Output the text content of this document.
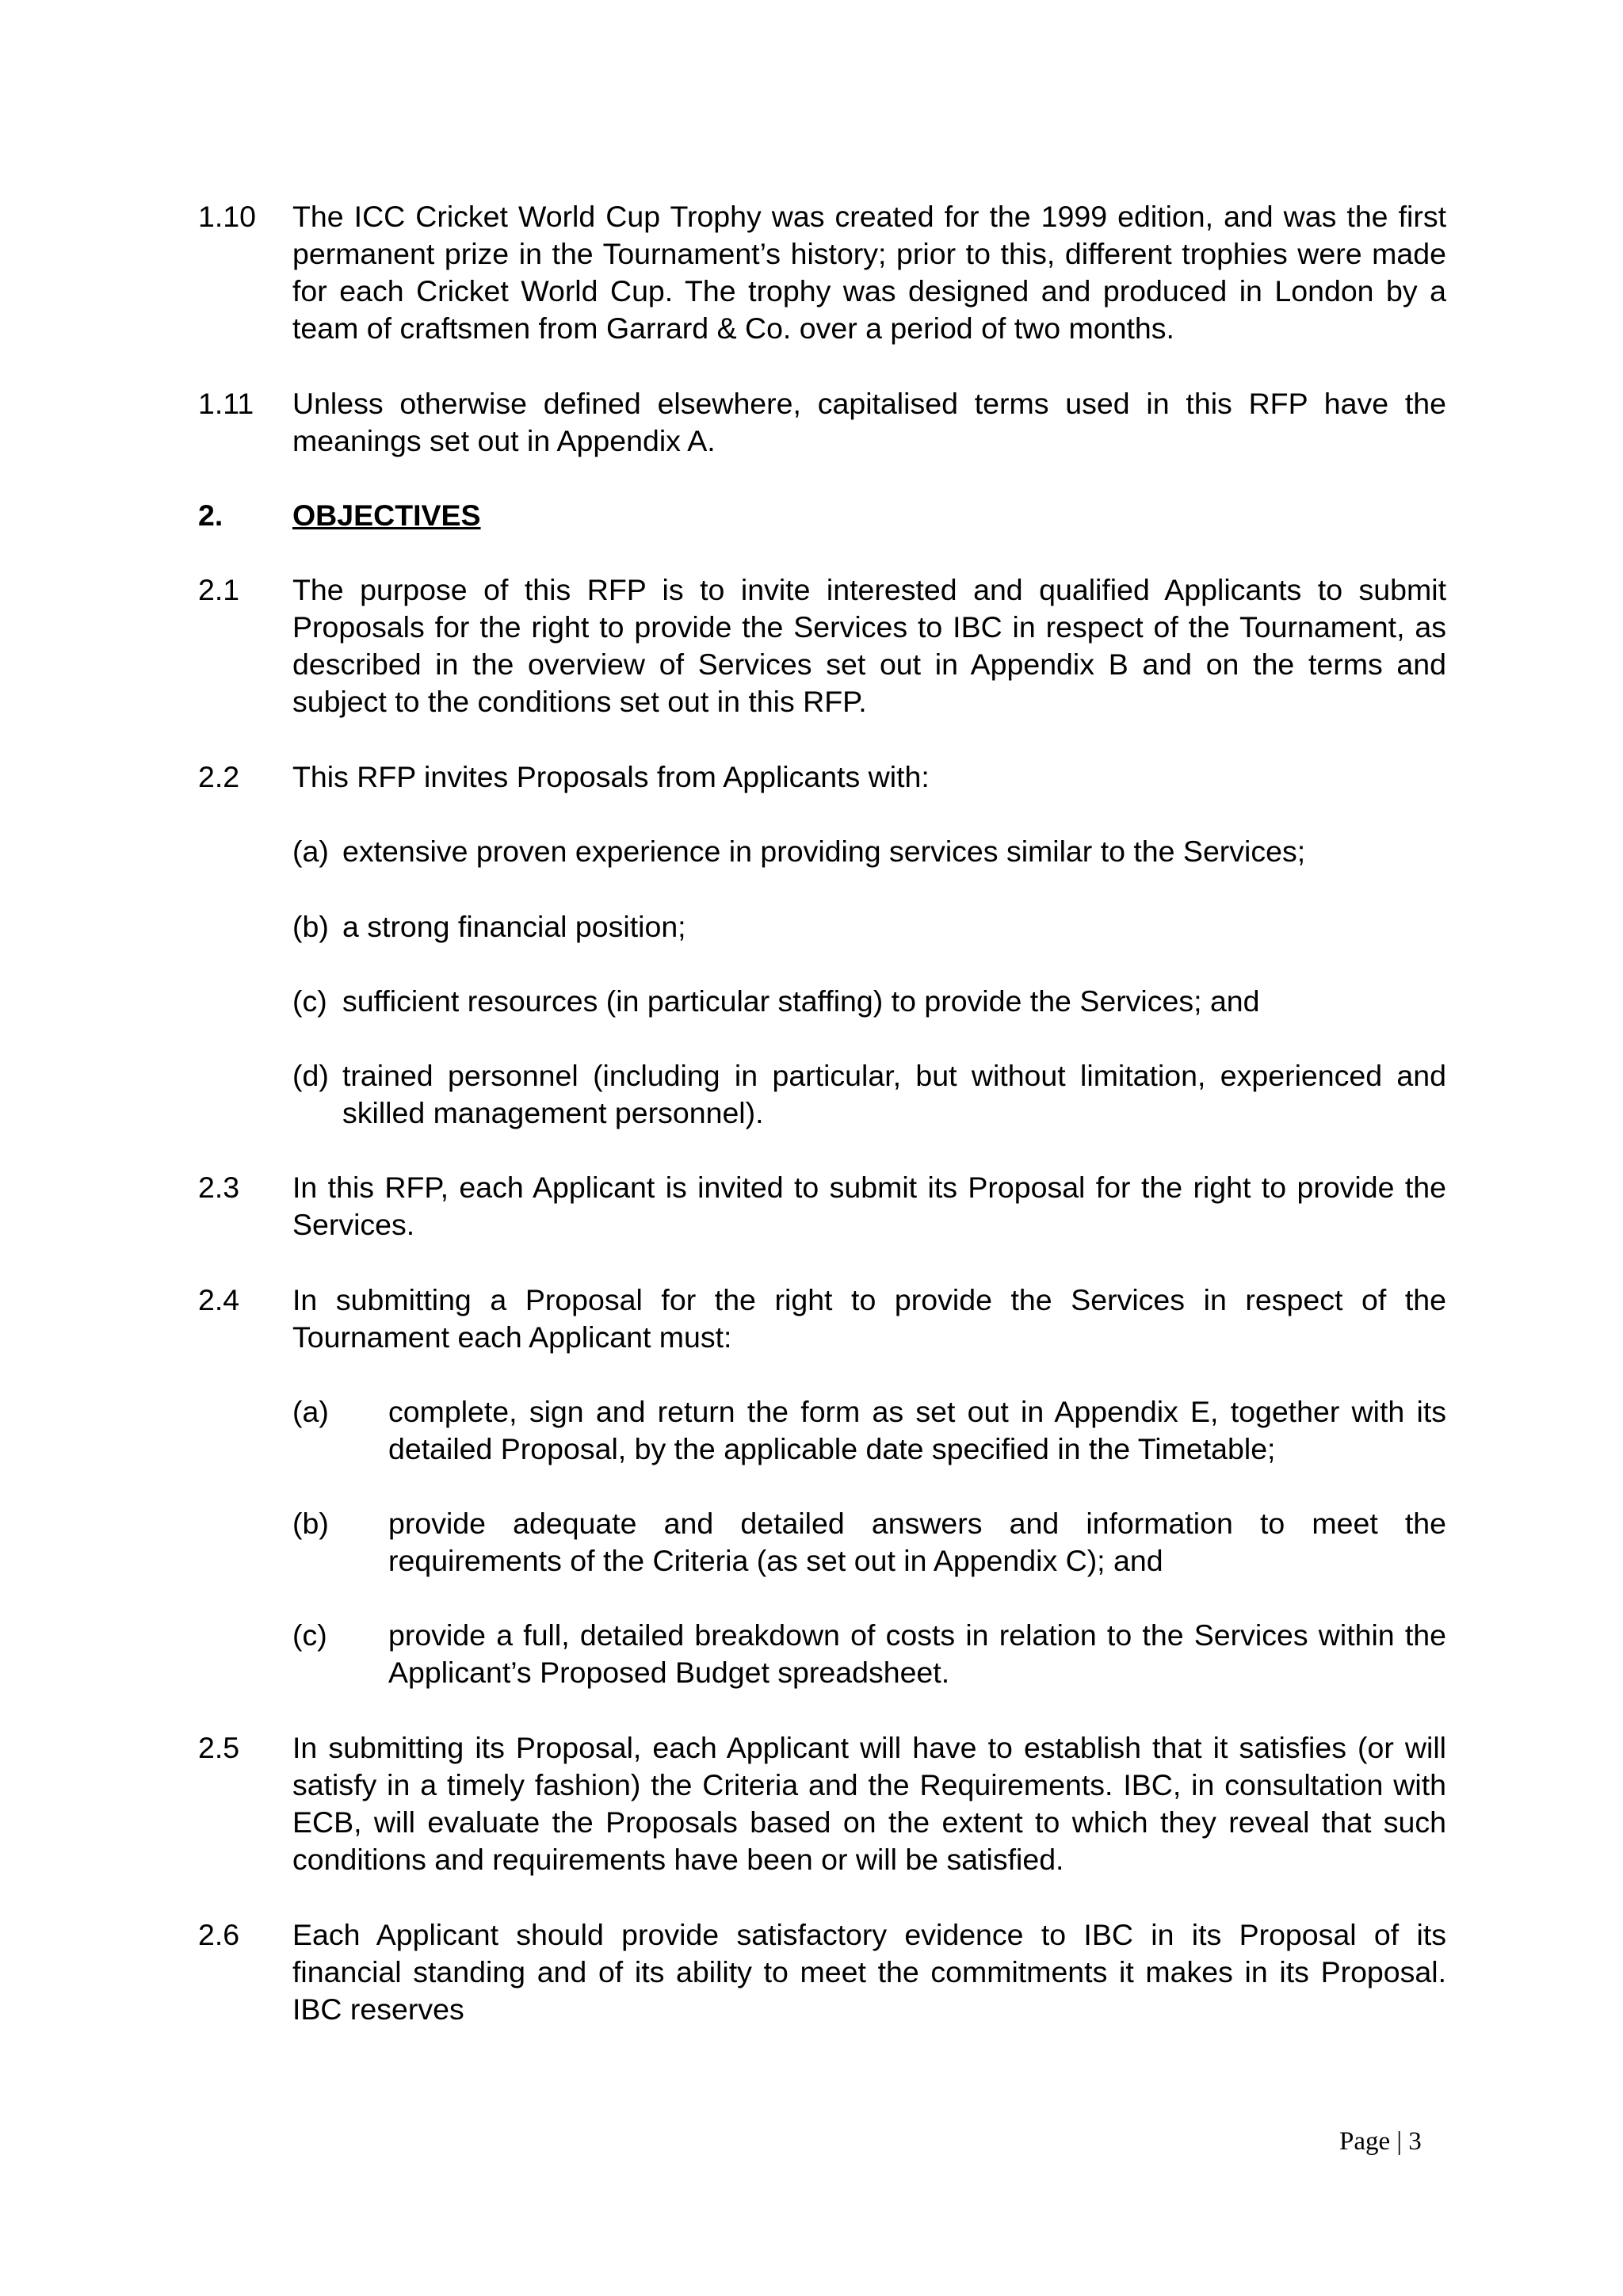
1.10	The ICC Cricket World Cup Trophy was created for the 1999 edition, and was the first permanent prize in the Tournament’s history; prior to this, different trophies were made for each Cricket World Cup. The trophy was designed and produced in London by a team of craftsmen from Garrard & Co. over a period of two months.
1.11	Unless otherwise defined elsewhere, capitalised terms used in this RFP have the meanings set out in Appendix A.
2. OBJECTIVES
2.1	The purpose of this RFP is to invite interested and qualified Applicants to submit Proposals for the right to provide the Services to IBC in respect of the Tournament, as described in the overview of Services set out in Appendix B and on the terms and subject to the conditions set out in this RFP.
2.2	This RFP invites Proposals from Applicants with:
(a) extensive proven experience in providing services similar to the Services;
(b) a strong financial position;
(c) sufficient resources (in particular staffing) to provide the Services; and
(d) trained personnel (including in particular, but without limitation, experienced and skilled management personnel).
2.3	In this RFP, each Applicant is invited to submit its Proposal for the right to provide the Services.
2.4	In submitting a Proposal for the right to provide the Services in respect of the Tournament each Applicant must:
(a) complete, sign and return the form as set out in Appendix E, together with its detailed Proposal, by the applicable date specified in the Timetable;
(b) provide adequate and detailed answers and information to meet the requirements of the Criteria (as set out in Appendix C); and
(c) provide a full, detailed breakdown of costs in relation to the Services within the Applicant’s Proposed Budget spreadsheet.
2.5	In submitting its Proposal, each Applicant will have to establish that it satisfies (or will satisfy in a timely fashion) the Criteria and the Requirements. IBC, in consultation with ECB, will evaluate the Proposals based on the extent to which they reveal that such conditions and requirements have been or will be satisfied.
2.6	Each Applicant should provide satisfactory evidence to IBC in its Proposal of its financial standing and of its ability to meet the commitments it makes in its Proposal. IBC reserves
Page | 3
